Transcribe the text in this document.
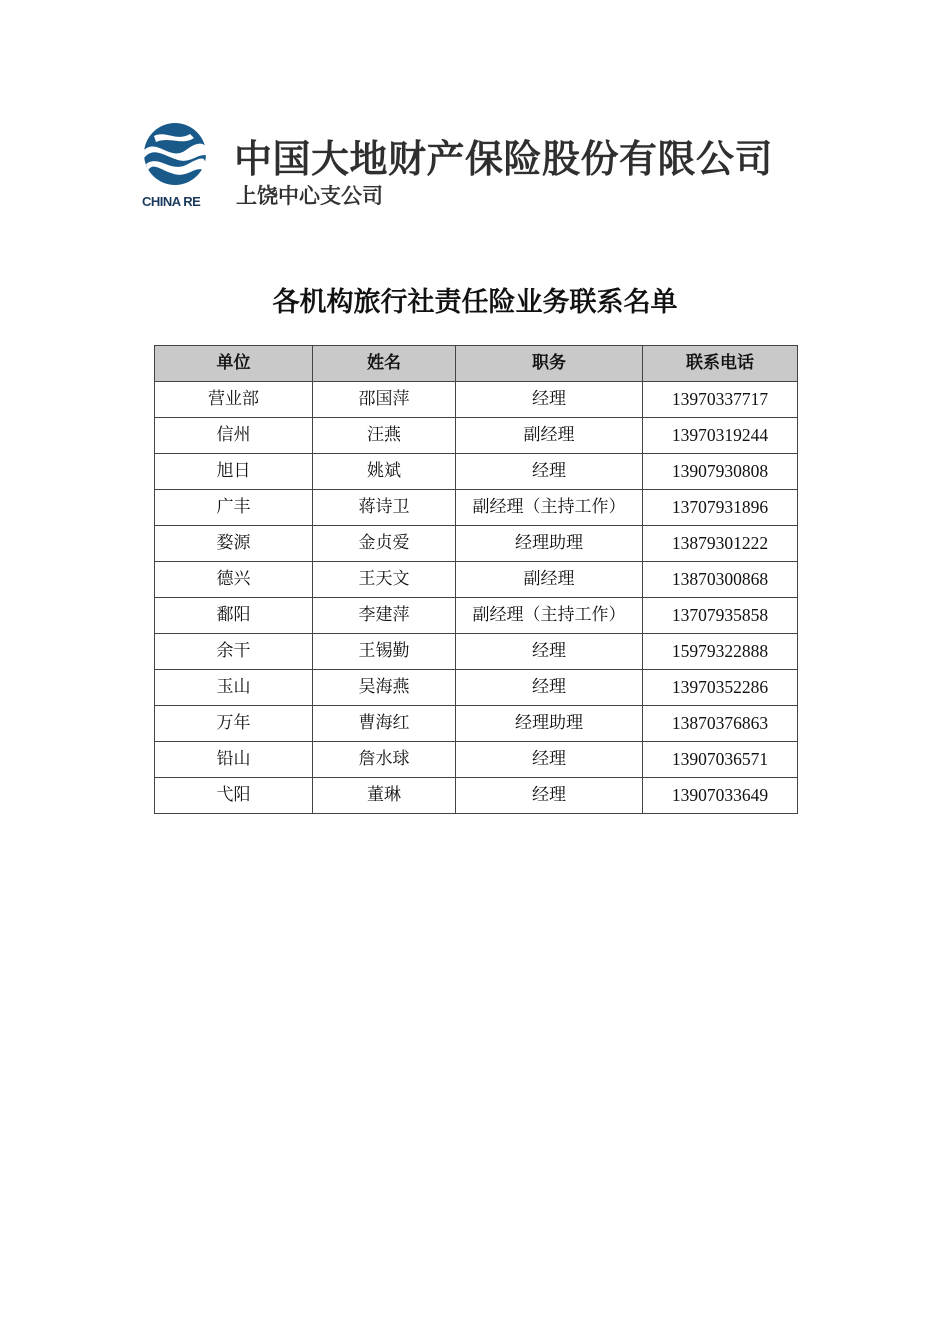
CHINA RE
中国大地财产保险股份有限公司
上饶中心支公司
各机构旅行社责任险业务联系名单
单位	姓名	职务	联系电话
营业部	邵国萍	经理	13970337717
信州	汪燕	副经理	13970319244
旭日	姚斌	经理	13907930808
广丰	蒋诗卫	副经理（主持工作）	13707931896
婺源	金贞爱	经理助理	13879301222
德兴	王天文	副经理	13870300868
鄱阳	李建萍	副经理（主持工作）	13707935858
余干	王锡勤	经理	15979322888
玉山	吴海燕	经理	13970352286
万年	曹海红	经理助理	13870376863
铅山	詹水球	经理	13907036571
弋阳	董琳	经理	13907033649
